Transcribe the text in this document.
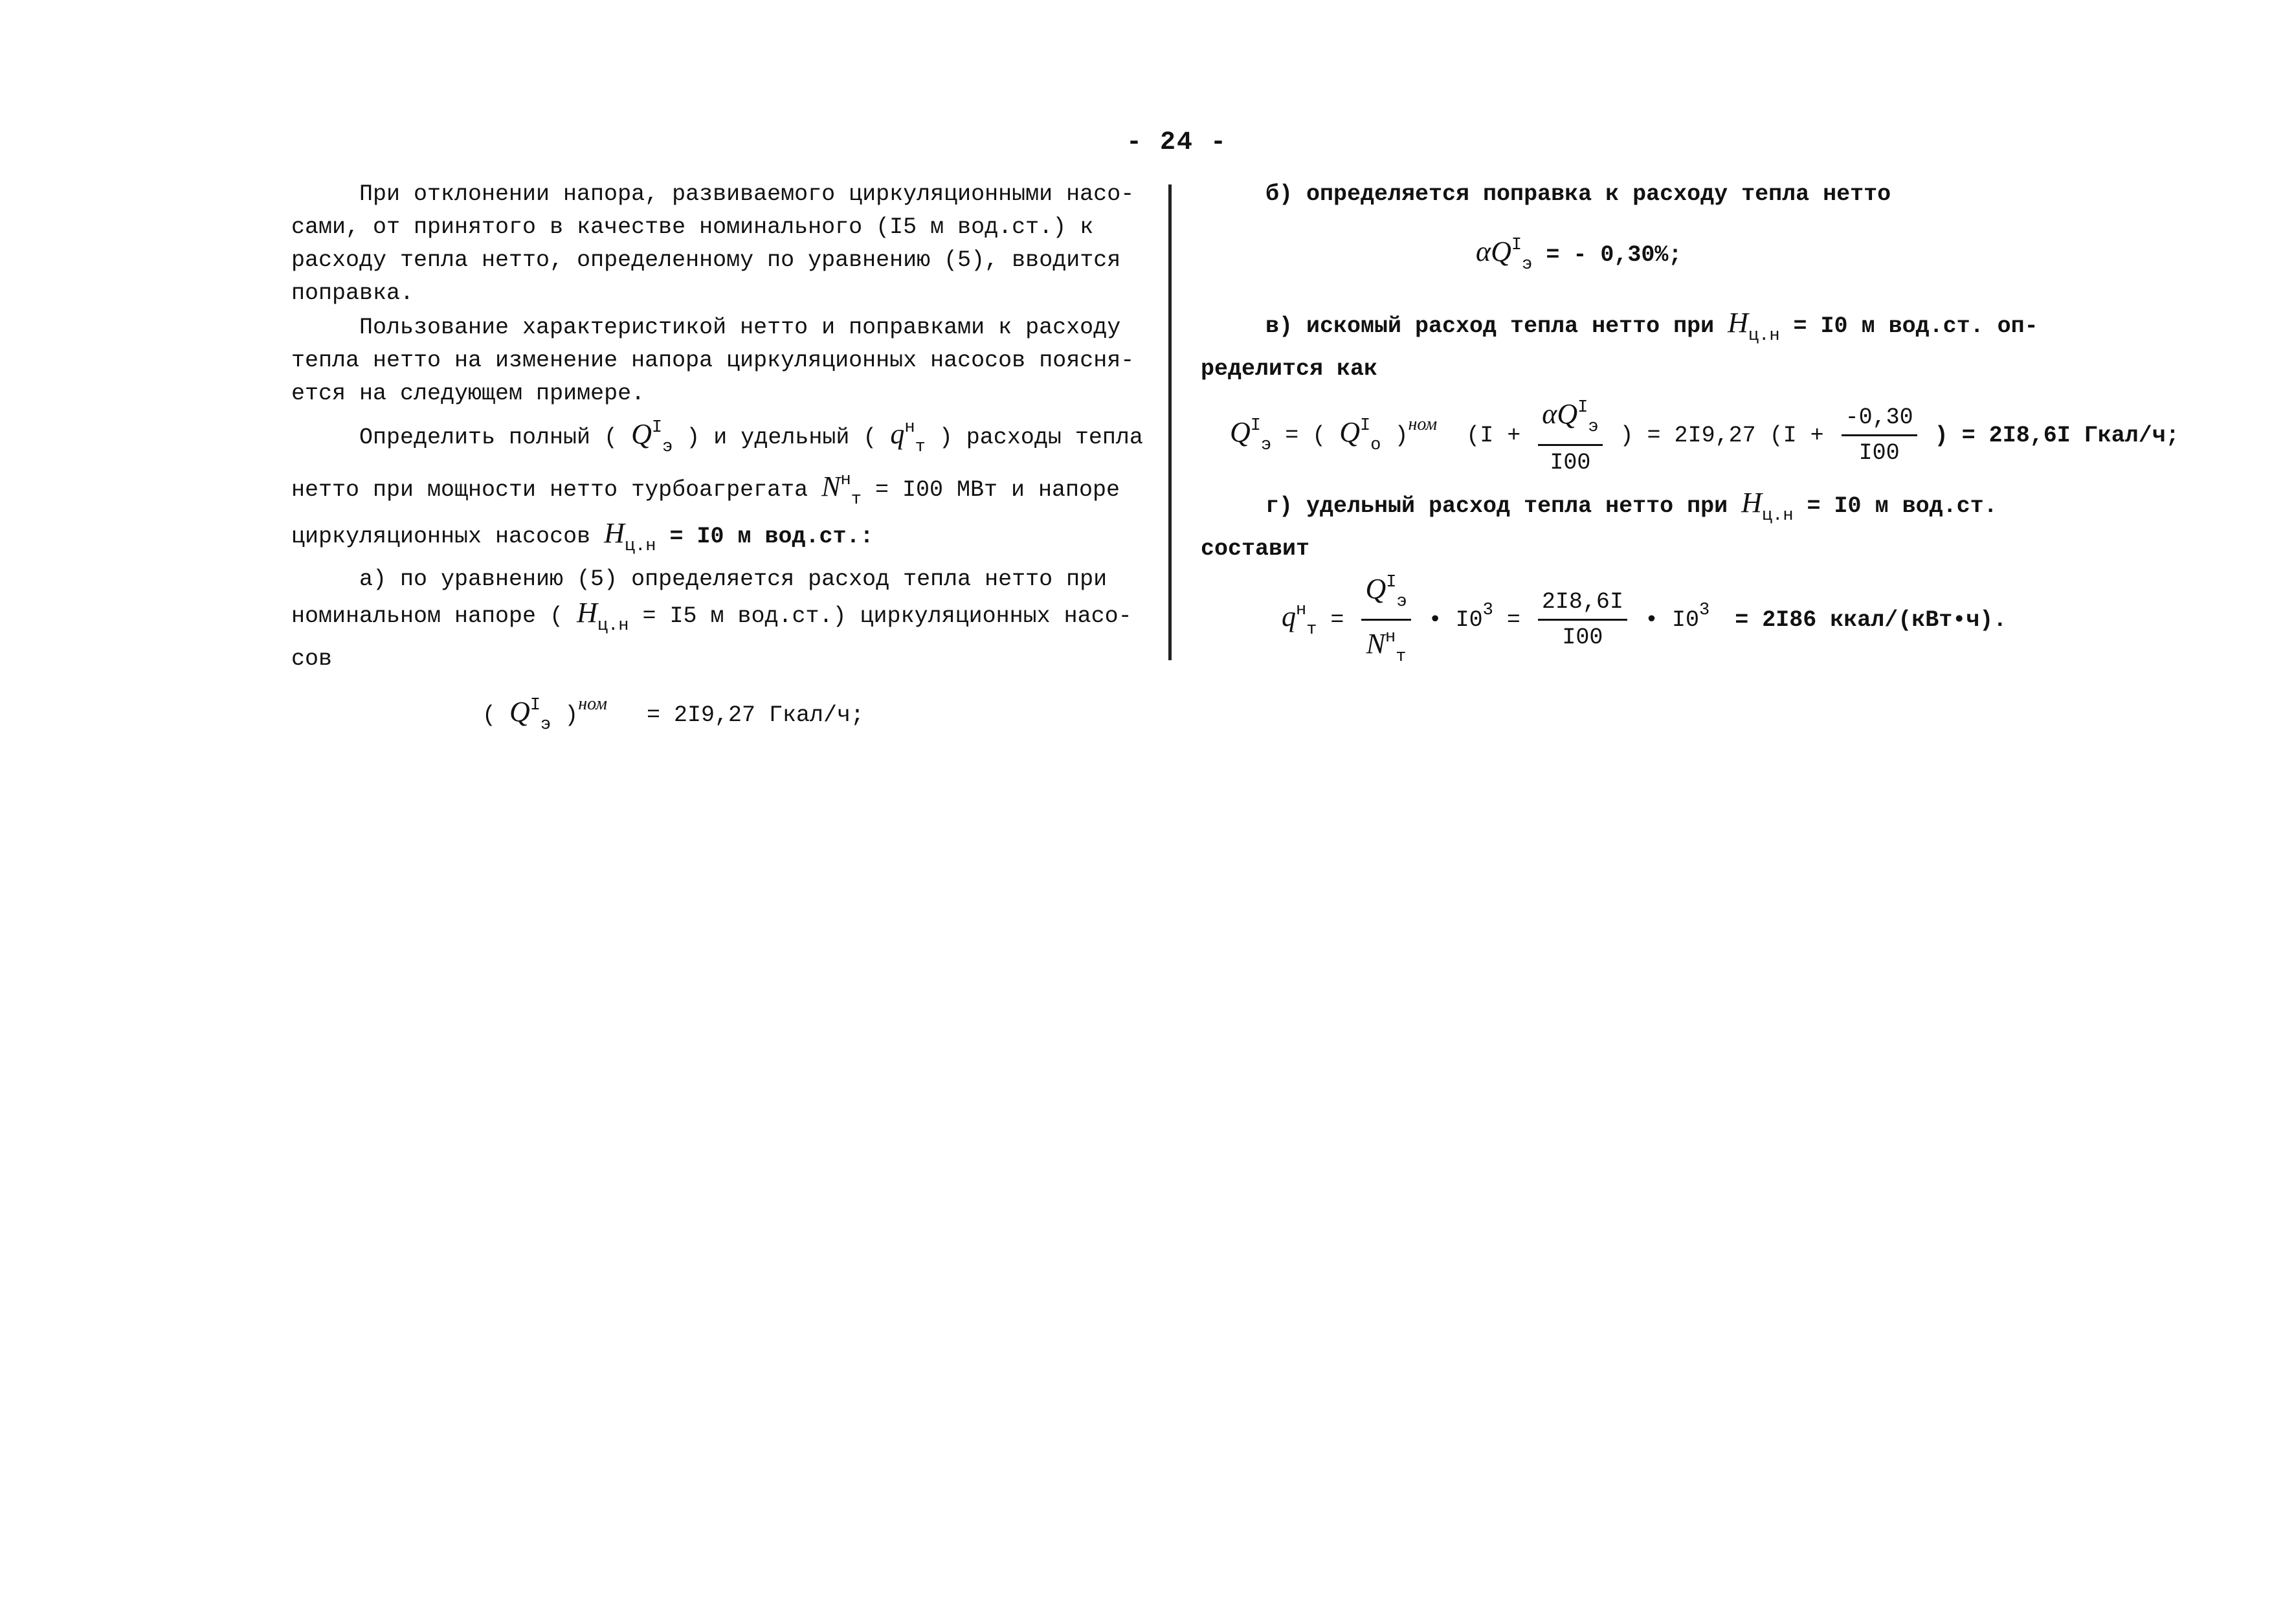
- 24 -

При отклонении напора, развиваемого циркуляционными насо-

сами, от принятого в качестве номинального (I5 м вод.ст.) к

расходу тепла нетто, определенному по уравнению (5), вводится

поправка.

Пользование характеристикой нетто и поправками к расходу

тепла нетто на изменение напора циркуляционных насосов поясня-

ется на следующем примере.

Определить полный ( $Q^I_э$ ) и удельный ( $q^н_т$ ) расходы тепла

нетто при мощности нетто турбоагрегата $N^н_т = I00$ МВт и напоре

циркуляционных насосов $H_{ц.н} = I0$ м вод.ст.:

а) по уравнению (5) определяется расход тепла нетто при

номинальном напоре ( $H_{ц.н} = I5$ м вод.ст.) циркуляционных насо-

сов

( $Q^I_э$ )$^{ном}$ = 2I9,27 Гкал/ч;

б) определяется поправка к расходу тепла нетто

$\alpha Q^I_э$ = - 0,30%;

в) искомый расход тепла нетто при $H_{ц.н} = I0$ м вод.ст. оп-

ределится как

$Q^I_э$ = ( $Q^I_о$ )$^{ном}$ ($I + \frac{\alpha Q^I_э}{I00}$ ) = 2I9,27 ($I + \frac{-0,30}{I00}$ ) = 2I8,6I Гкал/ч;

г) удельный расход тепла нетто при $H_{ц.н} = I0$ м вод.ст.

составит

$q^н_т = \frac{Q^I_э}{N^н_т}$ • $I0^3 = \frac{2I8,6I}{I00}$ • $I0^3 = 2I86$ ккал/(кВт•ч).
